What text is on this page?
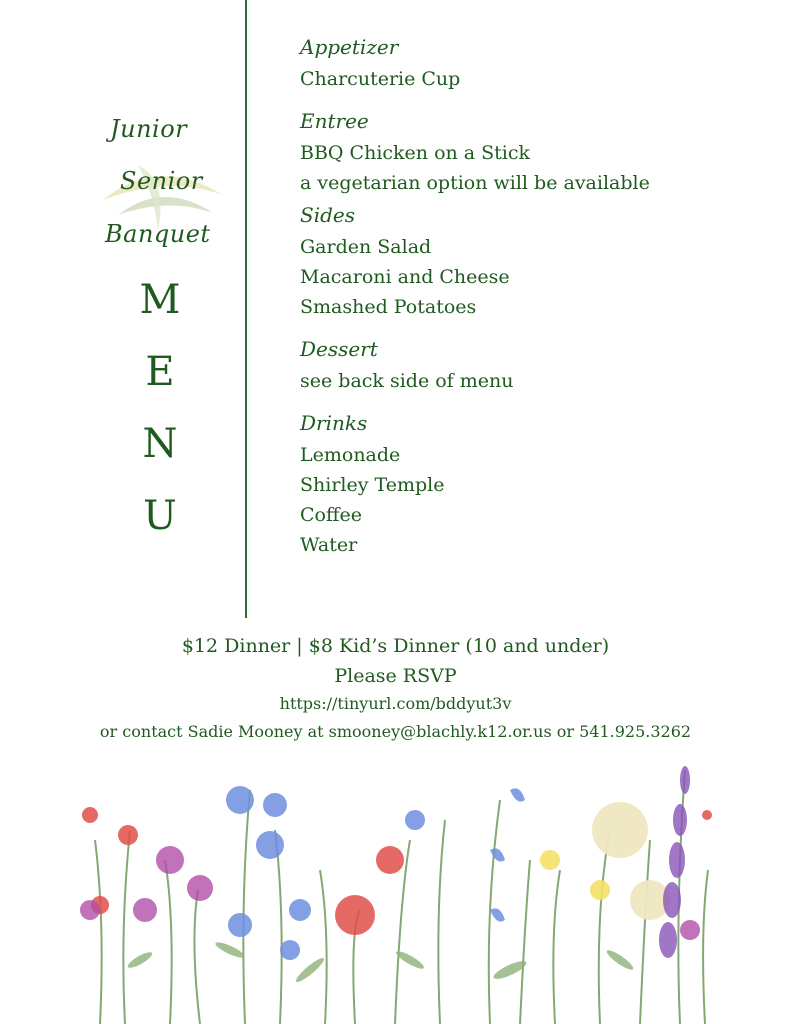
Junior
Senior
Banquet
M
E
N
U
Appetizer
Charcuterie Cup
Entree
BBQ Chicken on a Stick
a vegetarian option will be available
Sides
Garden Salad
Macaroni and Cheese
Smashed Potatoes
Dessert
see back side of menu
Drinks
Lemonade
Shirley Temple
Coffee
Water
$12 Dinner | $8 Kid’s Dinner (10 and under)
Please RSVP
https://tinyurl.com/bddyut3v
or contact Sadie Mooney at smooney@blachly.k12.or.us or 541.925.3262
